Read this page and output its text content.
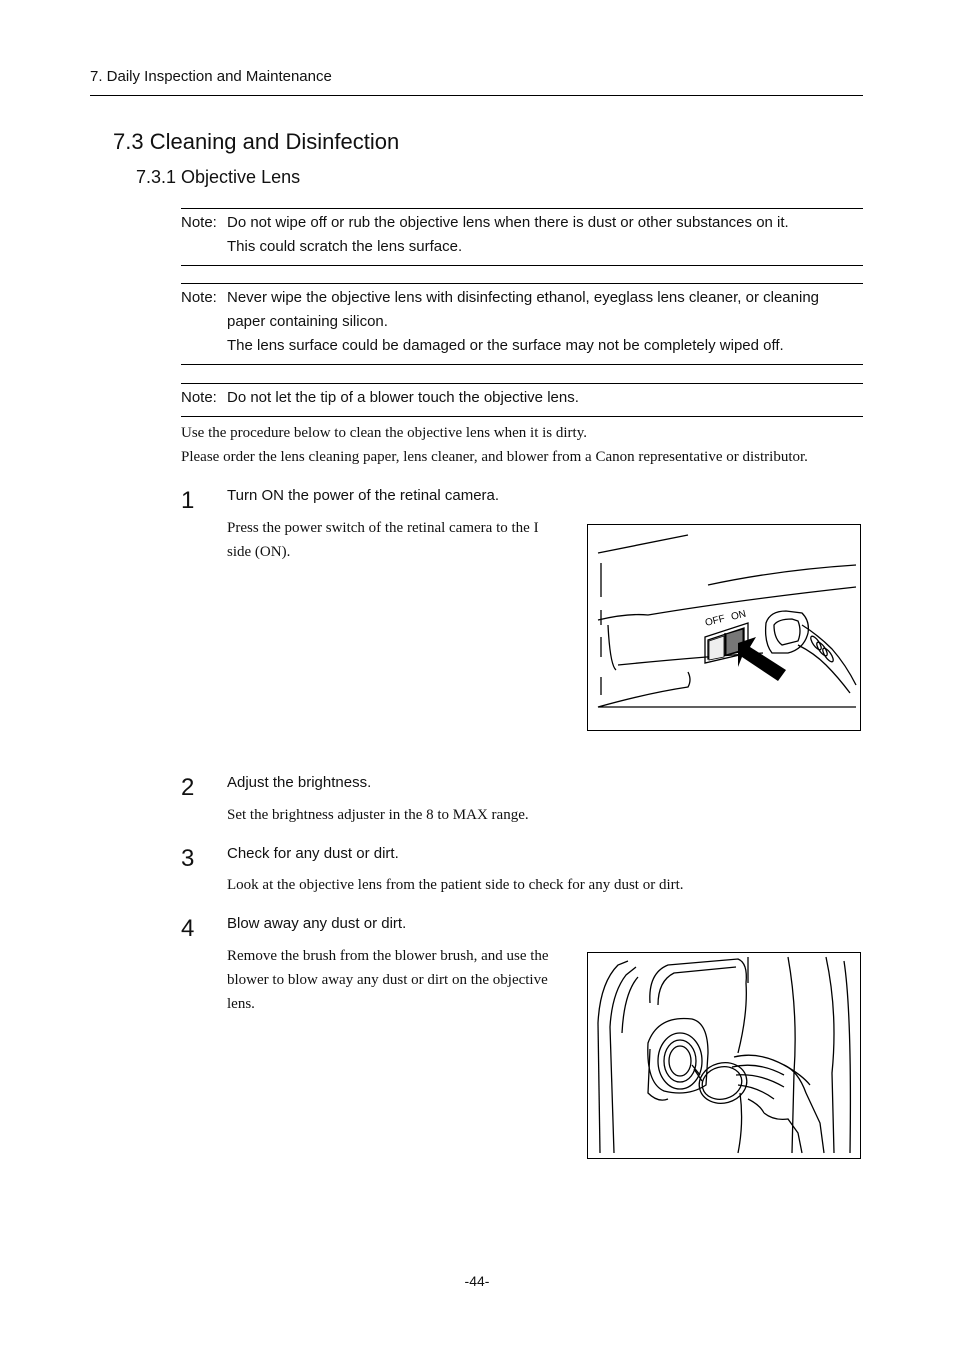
7. Daily Inspection and Maintenance
7.3 Cleaning and Disinfection
7.3.1 Objective Lens
Note: Do not wipe off or rub the objective lens when there is dust or other substances on it.
This could scratch the lens surface.
Note: Never wipe the objective lens with disinfecting ethanol, eyeglass lens cleaner, or cleaning
paper containing silicon.
The lens surface could be damaged or the surface may not be completely wiped off.
Note: Do not let the tip of a blower touch the objective lens.
Use the procedure below to clean the objective lens when it is dirty.
Please order the lens cleaning paper, lens cleaner, and blower from a Canon representative or distributor.
1 Turn ON the power of the retinal camera.
Press the power switch of the retinal camera to the I
side (ON).
OFF ON
2 Adjust the brightness.
Set the brightness adjuster in the 8 to MAX range.
3 Check for any dust or dirt.
Look at the objective lens from the patient side to check for any dust or dirt.
4 Blow away any dust or dirt.
Remove the brush from the blower brush, and use the
blower to blow away any dust or dirt on the objective
lens.
-44-
